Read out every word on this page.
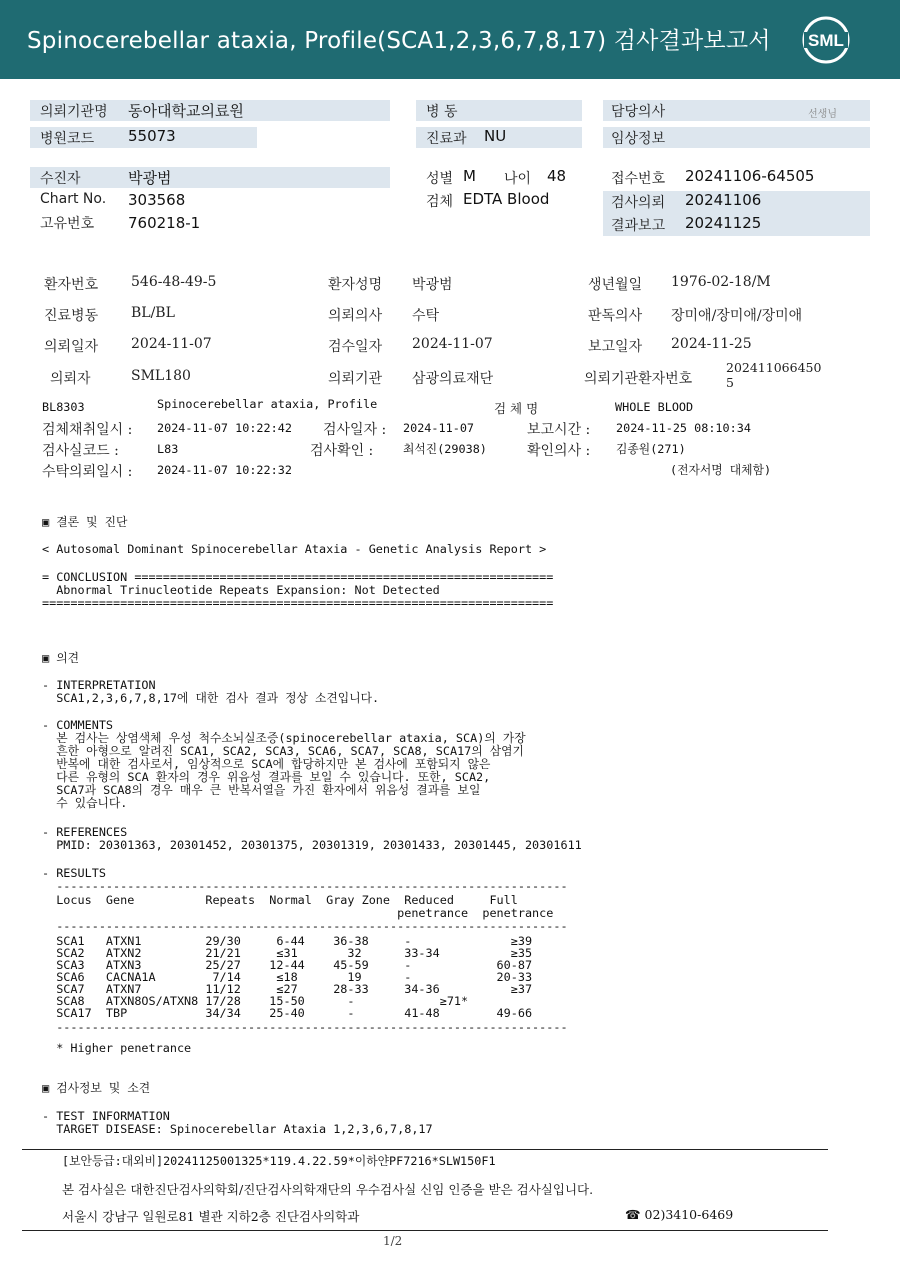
Spinocerebellar ataxia, Profile(SCA1,2,3,6,7,8,17) 검사결과보고서 SML
의뢰기관명 동아대학교의료원
병원코드 55073
병 동
진료과 NU
담당의사	선생님
임상정보
수진자	박광범
Chart No. 303568
고유번호 760218-1
성별 M 나이 48
검체 EDTA Blood
접수번호 20241106-64505
검사의뢰 20241106
결과보고 20241125
환자번호 546-48-49-5	환자성명 박광범	생년월일 1976-02-18/M
진료병동 BL/BL	의뢰의사 수탁	판독의사 장미애/장미애/장미애
의뢰일자 2024-11-07	검수일자 2024-11-07	보고일자 2024-11-25
의뢰자	SML180	의뢰기관 삼광의료재단	의뢰기관환자번호
202411066450
5
BL8303	Spinocerebellar ataxia, Profile	검 체 명	WHOLE BLOOD
검체채취일시 : 2024-11-07 10:22:42 검사일자 : 2024-11-07	보고시간 : 2024-11-25 08:10:34
검사실코드 :	L83	검사확인 :	최석진(29038)	확인의사 : 김종원(271)
수탁의뢰일시 : 2024-11-07 10:22:32	(전자서명 대체함)
▣ 결론 및 진단
< Autosomal Dominant Spinocerebellar Ataxia - Genetic Analysis Report >
= CONCLUSION ===========================================================
Abnormal Trinucleotide Repeats Expansion: Not Detected
========================================================================
▣ 의견
- INTERPRETATION
SCA1,2,3,6,7,8,17에 대한 검사 결과 정상 소견입니다.
- COMMENTS
본 검사는 상염색체 우성 척수소뇌실조증(spinocerebellar ataxia, SCA)의 가장
흔한 아형으로 알려진 SCA1, SCA2, SCA3, SCA6, SCA7, SCA8, SCA17의 삼염기
반복에 대한 검사로서, 임상적으로 SCA에 합당하지만 본 검사에 포함되지 않은
다른 유형의 SCA 환자의 경우 위음성 결과를 보일 수 있습니다. 또한, SCA2,
SCA7과 SCA8의 경우 매우 큰 반복서열을 가진 환자에서 위음성 결과를 보일
수 있습니다.
- REFERENCES
PMID: 20301363, 20301452, 20301375, 20301319, 20301433, 20301445, 20301611
- RESULTS
------------------------------------------------------------------------
Locus  Gene          Repeats  Normal  Gray Zone  Reduced     Full
penetrance  penetrance
------------------------------------------------------------------------
SCA1   ATXN1         29/30     6-44    36-38     -              ≥39
SCA2   ATXN2         21/21     ≤31       32      33-34          ≥35
SCA3   ATXN3         25/27    12-44    45-59     -            60-87
SCA6   CACNA1A        7/14     ≤18       19      -            20-33
SCA7   ATXN7         11/12     ≤27     28-33     34-36          ≥37
SCA8   ATXN8OS/ATXN8 17/28    15-50      -            ≥71*
SCA17  TBP           34/34    25-40      -       41-48        49-66
------------------------------------------------------------------------
* Higher penetrance
▣ 검사정보 및 소견
- TEST INFORMATION
TARGET DISEASE: Spinocerebellar Ataxia 1,2,3,6,7,8,17
[보안등급:대외비]20241125001325*119.4.22.59*이하얀PF7216*SLW150F1
본 검사실은 대한진단검사의학회/진단검사의학재단의 우수검사실 신임 인증을 받은 검사실입니다.
서울시 강남구 일원로81 별관 지하2층 진단검사의학과	☎ 02)3410-6469
1/2
